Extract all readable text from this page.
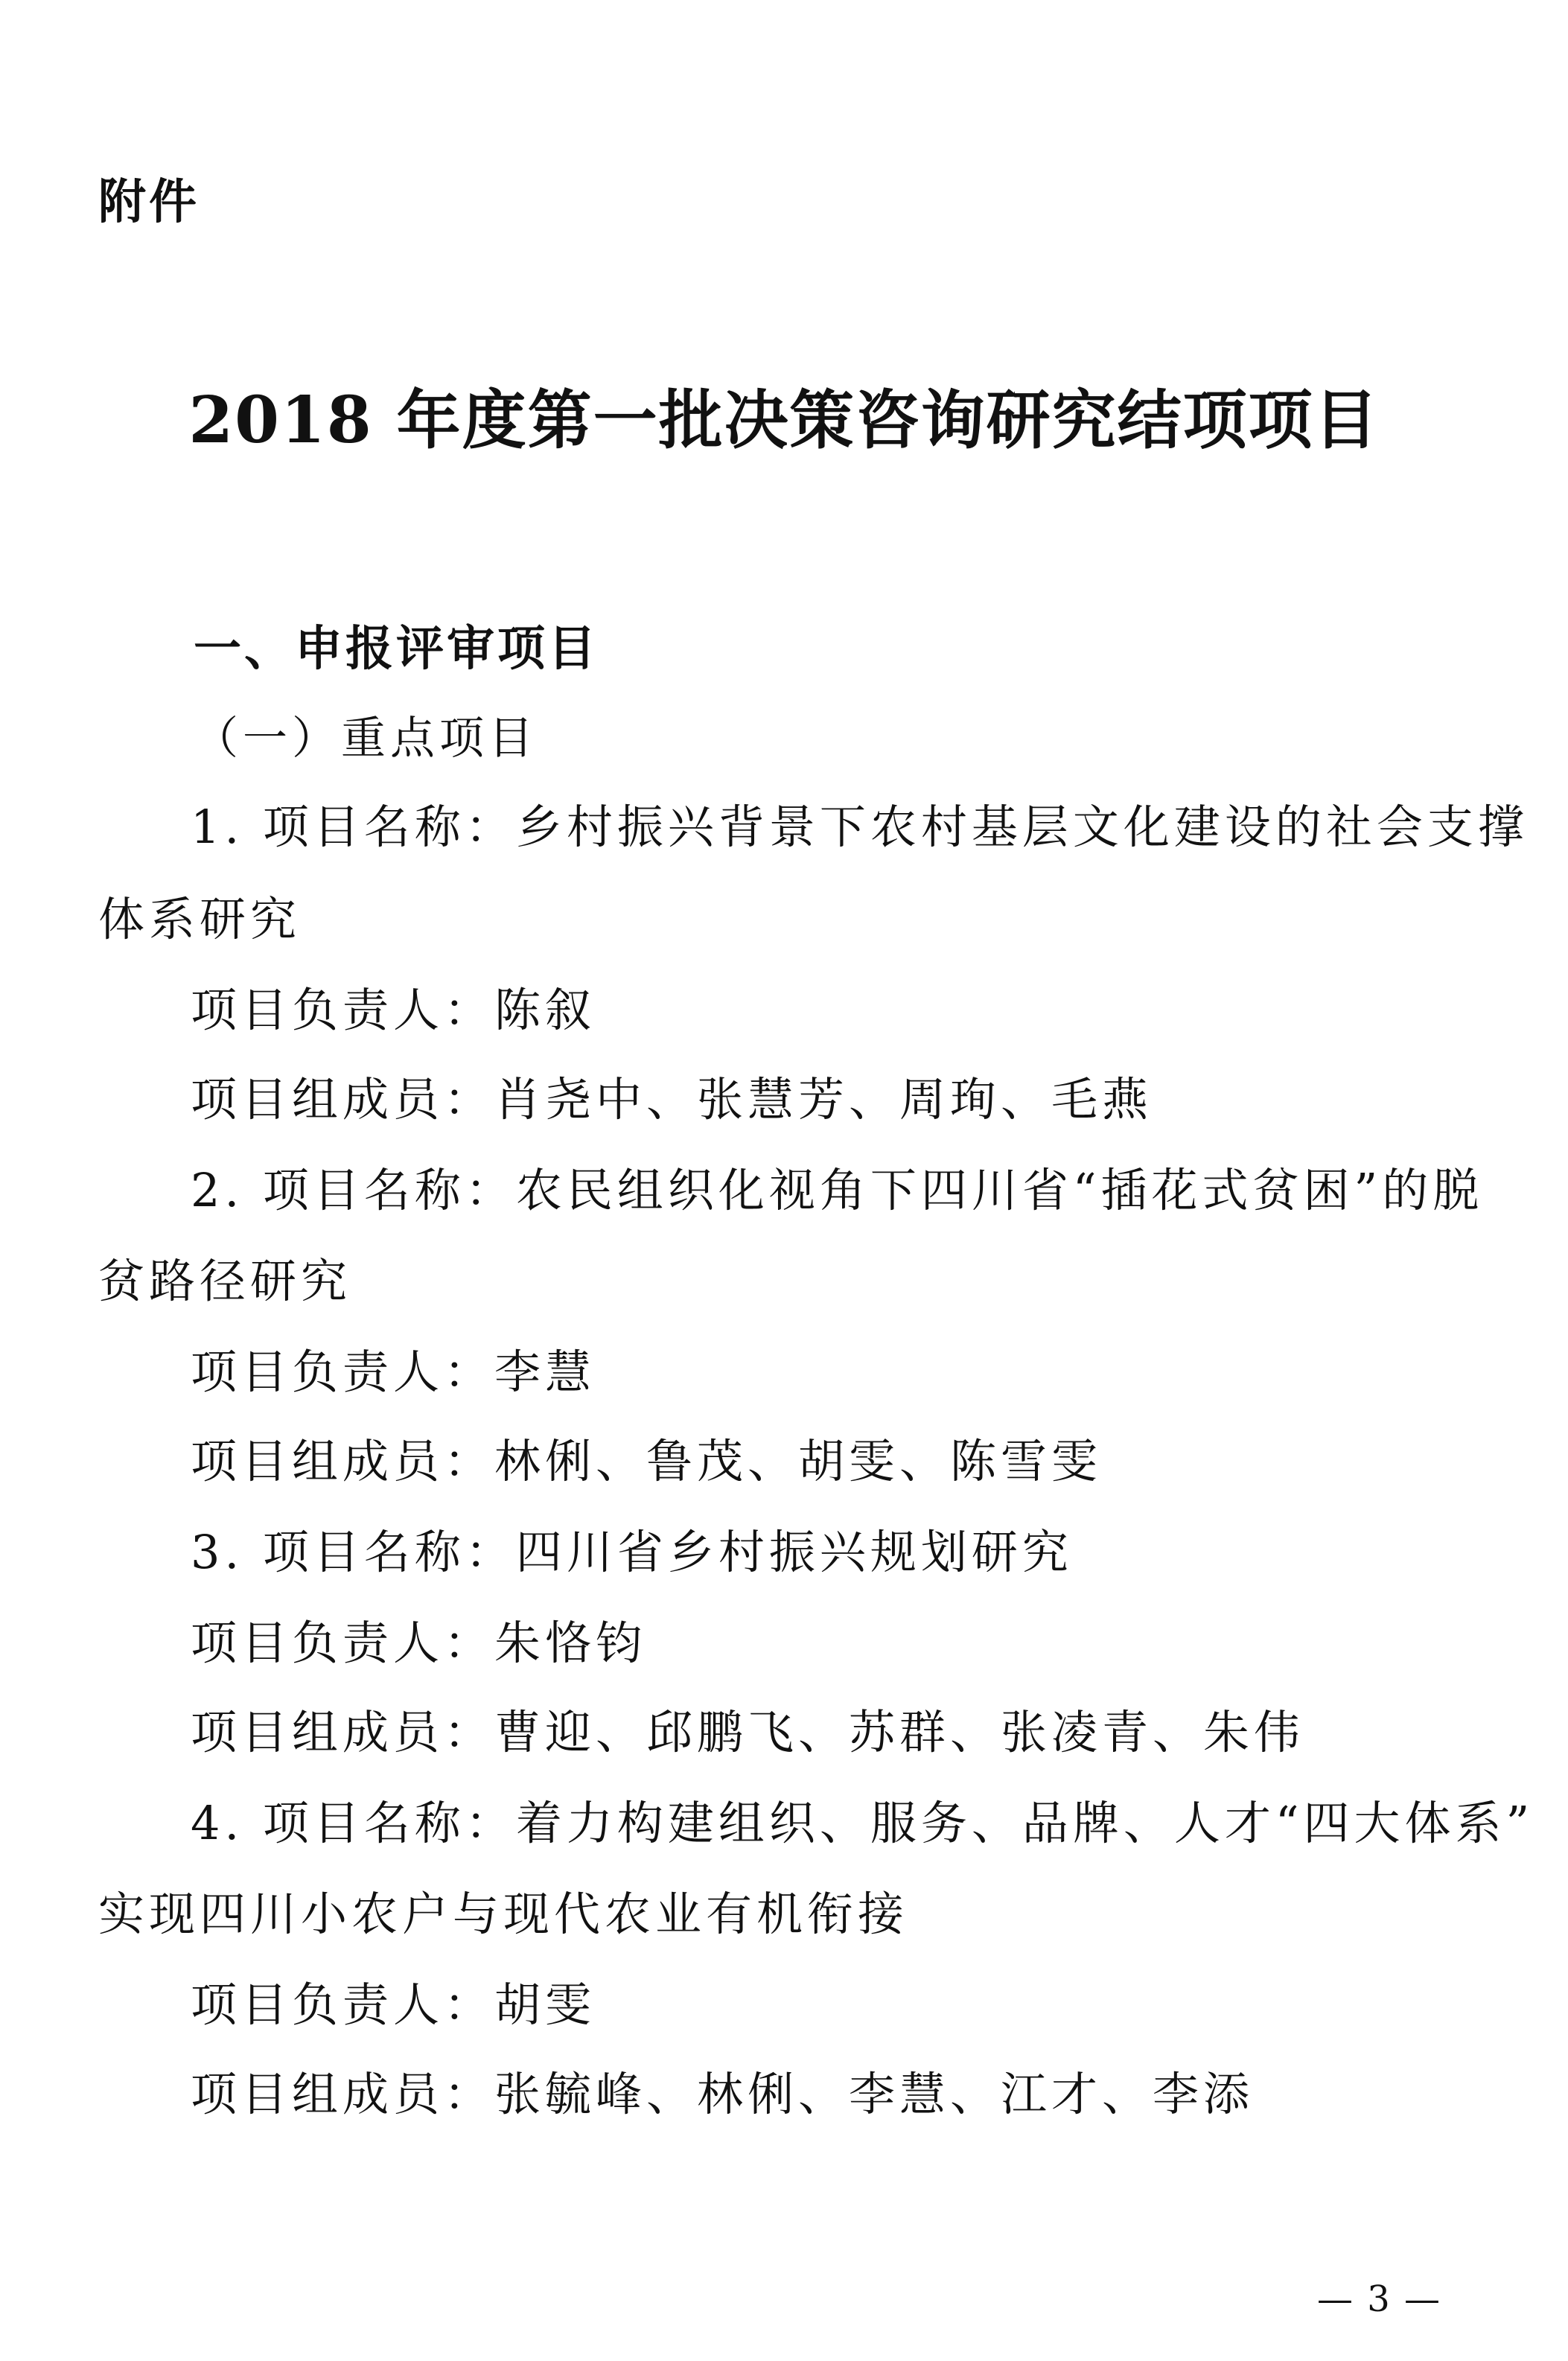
附件
2018 年度第一批决策咨询研究结项项目
一、申报评审项目
（一）重点项目
1. 项目名称：乡村振兴背景下农村基层文化建设的社会支撑
体系研究
项目负责人：陈叙
项目组成员：肖尧中、张慧芳、周珣、毛燕
2. 项目名称：农民组织化视角下四川省“插花式贫困”的脱
贫路径研究
项目负责人：李慧
项目组成员：林俐、鲁茂、胡雯、陈雪雯
3. 项目名称：四川省乡村振兴规划研究
项目负责人：朱恪钧
项目组成员：曹迎、邱鹏飞、苏群、张凌青、朱伟
4. 项目名称：着力构建组织、服务、品牌、人才“四大体系”
实现四川小农户与现代农业有机衔接
项目负责人：胡雯
项目组成员：张毓峰、林俐、李慧、江才、李添
— 3 —
